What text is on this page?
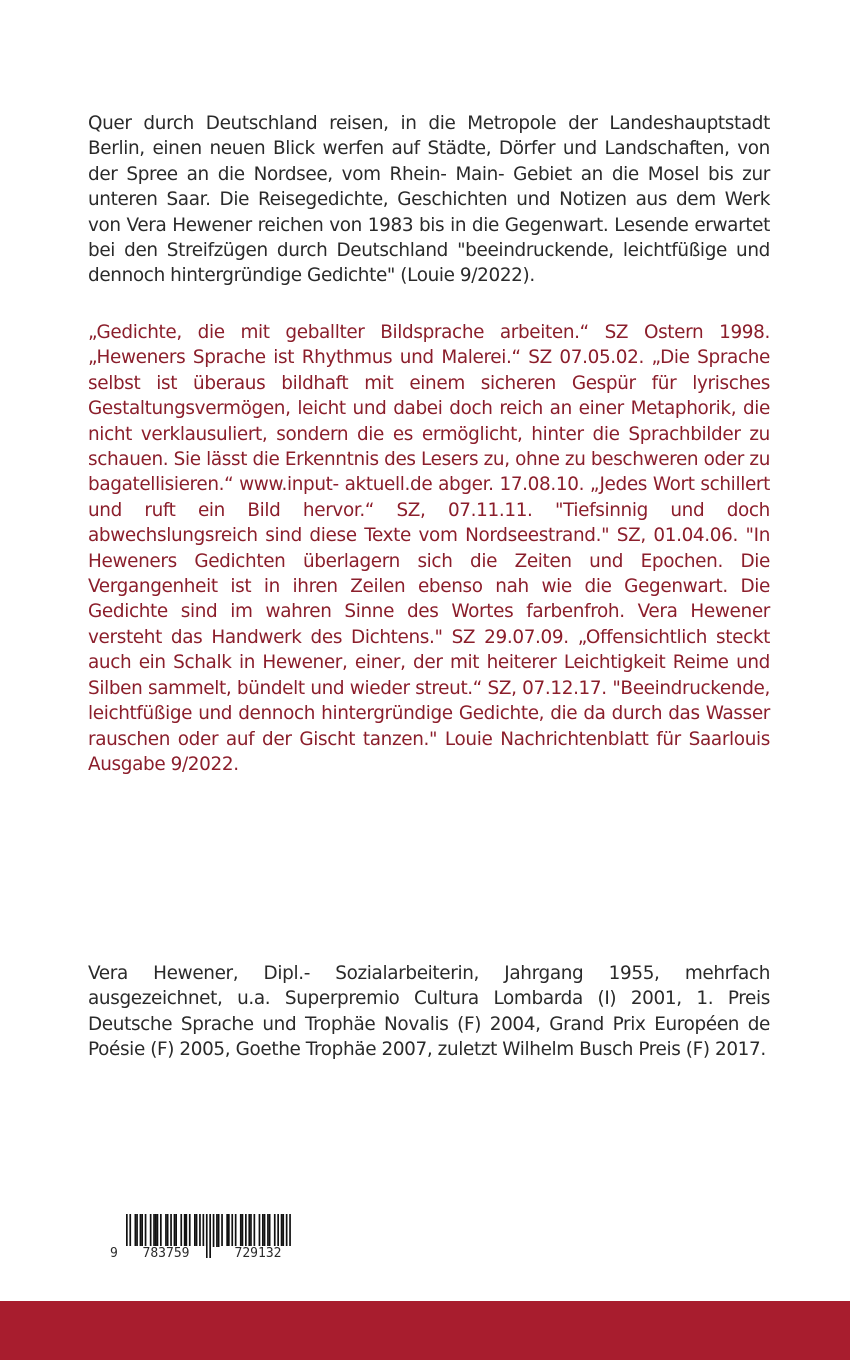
Quer durch Deutschland reisen, in die Metropole der Landeshauptstadt Berlin, einen neuen Blick werfen auf Städte, Dörfer und Landschaften, von der Spree an die Nordsee, vom Rhein- Main- Gebiet an die Mosel bis zur unteren Saar. Die Reisegedichte, Geschichten und Notizen aus dem Werk von Vera Hewener reichen von 1983 bis in die Gegenwart. Lesende erwartet bei den Streifzügen durch Deutschland "beeindruckende, leichtfüßige und dennoch hintergründige Gedichte" (Louie 9/2022).

„Gedichte, die mit geballter Bildsprache arbeiten.“ SZ Ostern 1998. „Heweners Sprache ist Rhythmus und Malerei.“ SZ 07.05.02. „Die Sprache selbst ist überaus bildhaft mit einem sicheren Gespür für lyrisches Gestaltungsvermögen, leicht und dabei doch reich an einer Metaphorik, die nicht verklausuliert, sondern die es ermöglicht, hinter die Sprachbilder zu schauen. Sie lässt die Erkenntnis des Lesers zu, ohne zu beschweren oder zu bagatellisieren.“ www.input- aktuell.de abger. 17.08.10. „Jedes Wort schillert und ruft ein Bild hervor.“ SZ, 07.11.11. "Tiefsinnig und doch abwechslungsreich sind diese Texte vom Nordseestrand." SZ, 01.04.06. "In Heweners Gedichten überlagern sich die Zeiten und Epochen. Die Vergangenheit ist in ihren Zeilen ebenso nah wie die Gegenwart. Die Gedichte sind im wahren Sinne des Wortes farbenfroh. Vera Hewener versteht das Handwerk des Dichtens." SZ 29.07.09. „Offensichtlich steckt auch ein Schalk in Hewener, einer, der mit heiterer Leichtigkeit Reime und Silben sammelt, bündelt und wieder streut.“ SZ, 07.12.17. "Beeindruckende, leichtfüßige und dennoch hintergründige Gedichte, die da durch das Wasser rauschen oder auf der Gischt tanzen." Louie Nachrichtenblatt für Saarlouis Ausgabe 9/2022.

Vera Hewener, Dipl.- Sozialarbeiterin, Jahrgang 1955, mehrfach ausgezeichnet, u.a. Superpremio Cultura Lombarda (I) 2001, 1. Preis Deutsche Sprache und Trophäe Novalis (F) 2004, Grand Prix Européen de Poésie (F) 2005, Goethe Trophäe 2007, zuletzt Wilhelm Busch Preis (F) 2017.

9	783759	729132
